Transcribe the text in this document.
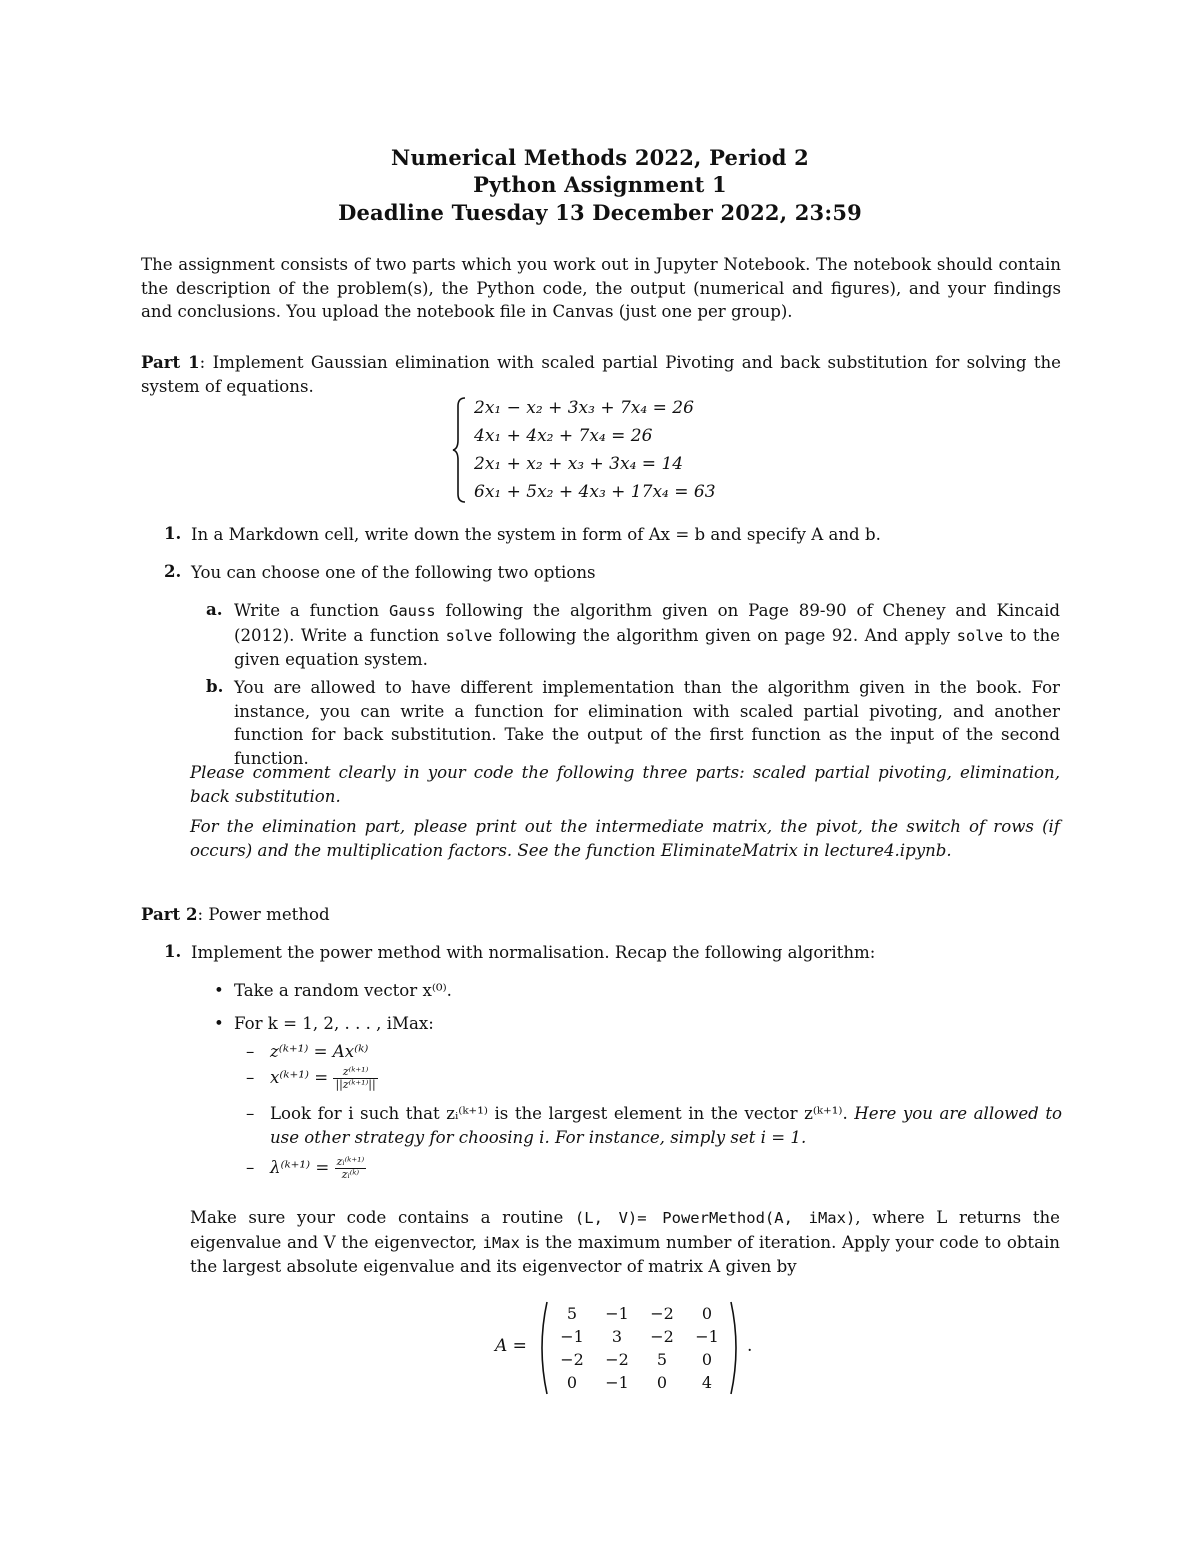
Numerical Methods 2022, Period 2
Python Assignment 1
Deadline Tuesday 13 December 2022, 23:59
The assignment consists of two parts which you work out in Jupyter Notebook. The notebook should contain the description of the problem(s), the Python code, the output (numerical and figures), and your findings and conclusions. You upload the notebook file in Canvas (just one per group).
Part 1: Implement Gaussian elimination with scaled partial Pivoting and back substitution for solving the system of equations.
2x₁ − x₂ + 3x₃ + 7x₄ = 26
4x₁ + 4x₂ + 7x₄ = 26
2x₁ + x₂ + x₃ + 3x₄ = 14
6x₁ + 5x₂ + 4x₃ + 17x₄ = 63
1. In a Markdown cell, write down the system in form of Ax = b and specify A and b.
2. You can choose one of the following two options
a. Write a function Gauss following the algorithm given on Page 89-90 of Cheney and Kincaid (2012). Write a function solve following the algorithm given on page 92. And apply solve to the given equation system.
b. You are allowed to have different implementation than the algorithm given in the book. For instance, you can write a function for elimination with scaled partial pivoting, and another function for back substitution. Take the output of the first function as the input of the second function.
Please comment clearly in your code the following three parts: scaled partial pivoting, elimination, back substitution.
For the elimination part, please print out the intermediate matrix, the pivot, the switch of rows (if occurs) and the multiplication factors. See the function EliminateMatrix in lecture4.ipynb.
Part 2: Power method
1. Implement the power method with normalisation. Recap the following algorithm:
• Take a random vector x⁽⁰⁾.
• For k = 1, 2, . . . , iMax:
– z⁽ᵏ⁺¹⁾ = Ax⁽ᵏ⁾
– x⁽ᵏ⁺¹⁾ = $\frac{\text{z⁽ᵏ⁺¹⁾}}{\text{||z⁽ᵏ⁺¹⁾||}}$
– Look for i such that zᵢ⁽ᵏ⁺¹⁾ is the largest element in the vector z⁽ᵏ⁺¹⁾. Here you are allowed to use other strategy for choosing i. For instance, simply set i = 1.
– λ⁽ᵏ⁺¹⁾ = $\frac{\text{zᵢ⁽ᵏ⁺¹⁾}}{\text{zᵢ⁽ᵏ⁾}}$
Make sure your code contains a routine (L, V)= PowerMethod(A, iMax), where L returns the eigenvalue and V the eigenvector, iMax is the maximum number of iteration. Apply your code to obtain the largest absolute eigenvalue and its eigenvector of matrix A given by
A =
5	−1	−2	0
−1	3	−2	−1
−2	−2	5	0
0	−1	0	4
.
